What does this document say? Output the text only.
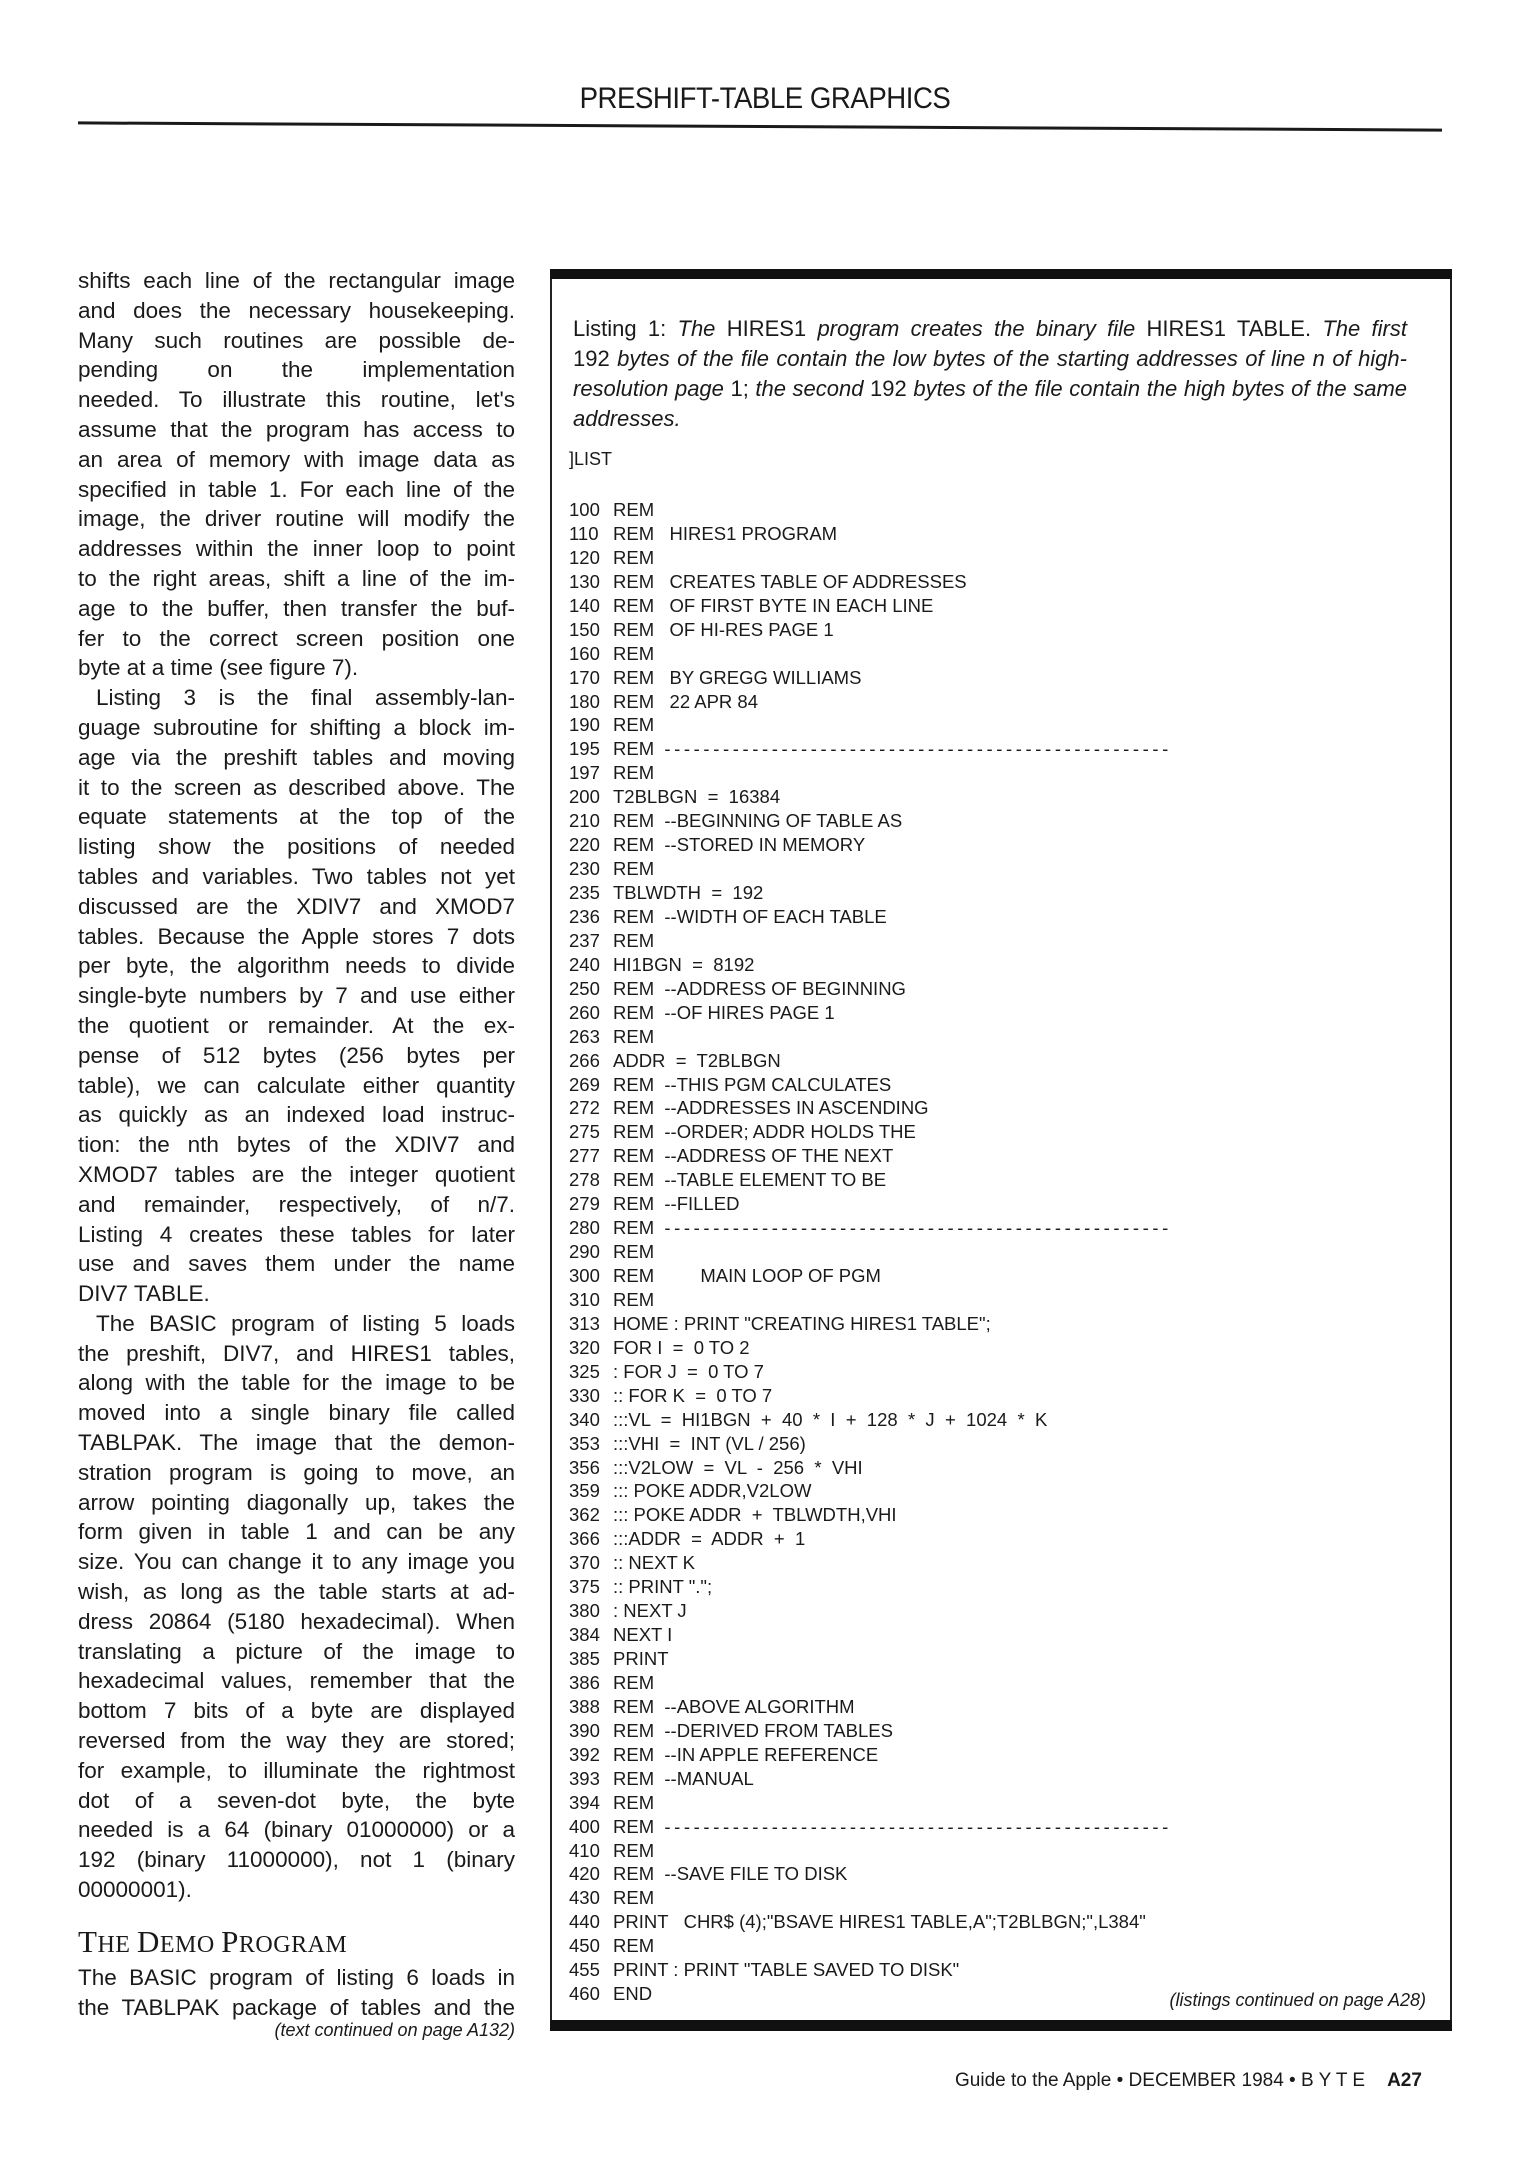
PRESHIFT-TABLE GRAPHICS
shifts each line of the rectangular image
and does the necessary housekeeping.
Many such routines are possible de-
pending on the implementation
needed. To illustrate this routine, let's
assume that the program has access to
an area of memory with image data as
specified in table 1. For each line of the
image, the driver routine will modify the
addresses within the inner loop to point
to the right areas, shift a line of the im-
age to the buffer, then transfer the buf-
fer to the correct screen position one
byte at a time (see figure 7).
Listing 3 is the final assembly-lan-
guage subroutine for shifting a block im-
age via the preshift tables and moving
it to the screen as described above. The
equate statements at the top of the
listing show the positions of needed
tables and variables. Two tables not yet
discussed are the XDIV7 and XMOD7
tables. Because the Apple stores 7 dots
per byte, the algorithm needs to divide
single-byte numbers by 7 and use either
the quotient or remainder. At the ex-
pense of 512 bytes (256 bytes per
table), we can calculate either quantity
as quickly as an indexed load instruc-
tion: the nth bytes of the XDIV7 and
XMOD7 tables are the integer quotient
and remainder, respectively, of n/7.
Listing 4 creates these tables for later
use and saves them under the name
DIV7 TABLE.
The BASIC program of listing 5 loads
the preshift, DIV7, and HIRES1 tables,
along with the table for the image to be
moved into a single binary file called
TABLPAK. The image that the demon-
stration program is going to move, an
arrow pointing diagonally up, takes the
form given in table 1 and can be any
size. You can change it to any image you
wish, as long as the table starts at ad-
dress 20864 (5180 hexadecimal). When
translating a picture of the image to
hexadecimal values, remember that the
bottom 7 bits of a byte are displayed
reversed from the way they are stored;
for example, to illuminate the rightmost
dot of a seven-dot byte, the byte
needed is a 64 (binary 01000000) or a
192 (binary 11000000), not 1 (binary
00000001).
THE DEMO PROGRAM
The BASIC program of listing 6 loads in
the TABLPAK package of tables and the
(text continued on page A132)
Listing 1: The HIRES1 program creates the binary file HIRES1 TABLE. The first
192 bytes of the file contain the low bytes of the starting addresses of line n of high-
resolution page 1; the second 192 bytes of the file contain the high bytes of the same
addresses.
]LIST
100 REM
110 REM   HIRES1 PROGRAM
120 REM
130 REM   CREATES TABLE OF ADDRESSES
140 REM   OF FIRST BYTE IN EACH LINE
150 REM   OF HI-RES PAGE 1
160 REM
170 REM   BY GREGG WILLIAMS
180 REM   22 APR 84
190 REM
195 REM  ----------------------------------------------------
197 REM
200 T2BLBGN  =  16384
210 REM  --BEGINNING OF TABLE AS
220 REM  --STORED IN MEMORY
230 REM
235 TBLWDTH  =  192
236 REM  --WIDTH OF EACH TABLE
237 REM
240 HI1BGN  =  8192
250 REM  --ADDRESS OF BEGINNING
260 REM  --OF HIRES PAGE 1
263 REM
266 ADDR  =  T2BLBGN
269 REM  --THIS PGM CALCULATES
272 REM  --ADDRESSES IN ASCENDING
275 REM  --ORDER; ADDR HOLDS THE
277 REM  --ADDRESS OF THE NEXT
278 REM  --TABLE ELEMENT TO BE
279 REM  --FILLED
280 REM  ----------------------------------------------------
290 REM
300 REM         MAIN LOOP OF PGM
310 REM
313 HOME : PRINT "CREATING HIRES1 TABLE";
320 FOR I  =  0 TO 2
325 : FOR J  =  0 TO 7
330 :: FOR K  =  0 TO 7
340 :::VL  =  HI1BGN  +  40  *  I  +  128  *  J  +  1024  *  K
353 :::VHI  =  INT (VL / 256)
356 :::V2LOW  =  VL  -  256  *  VHI
359 ::: POKE ADDR,V2LOW
362 ::: POKE ADDR  +  TBLWDTH,VHI
366 :::ADDR  =  ADDR  +  1
370 :: NEXT K
375 :: PRINT ".";
380 : NEXT J
384 NEXT I
385 PRINT
386 REM
388 REM  --ABOVE ALGORITHM
390 REM  --DERIVED FROM TABLES
392 REM  --IN APPLE REFERENCE
393 REM  --MANUAL
394 REM
400 REM  ----------------------------------------------------
410 REM
420 REM  --SAVE FILE TO DISK
430 REM
440 PRINT   CHR$ (4);"BSAVE HIRES1 TABLE,A";T2BLBGN;",L384"
450 REM
455 PRINT : PRINT "TABLE SAVED TO DISK"
460 END	(listings continued on page A28)
Guide to the Apple • DECEMBER 1984 • B Y T E A27
